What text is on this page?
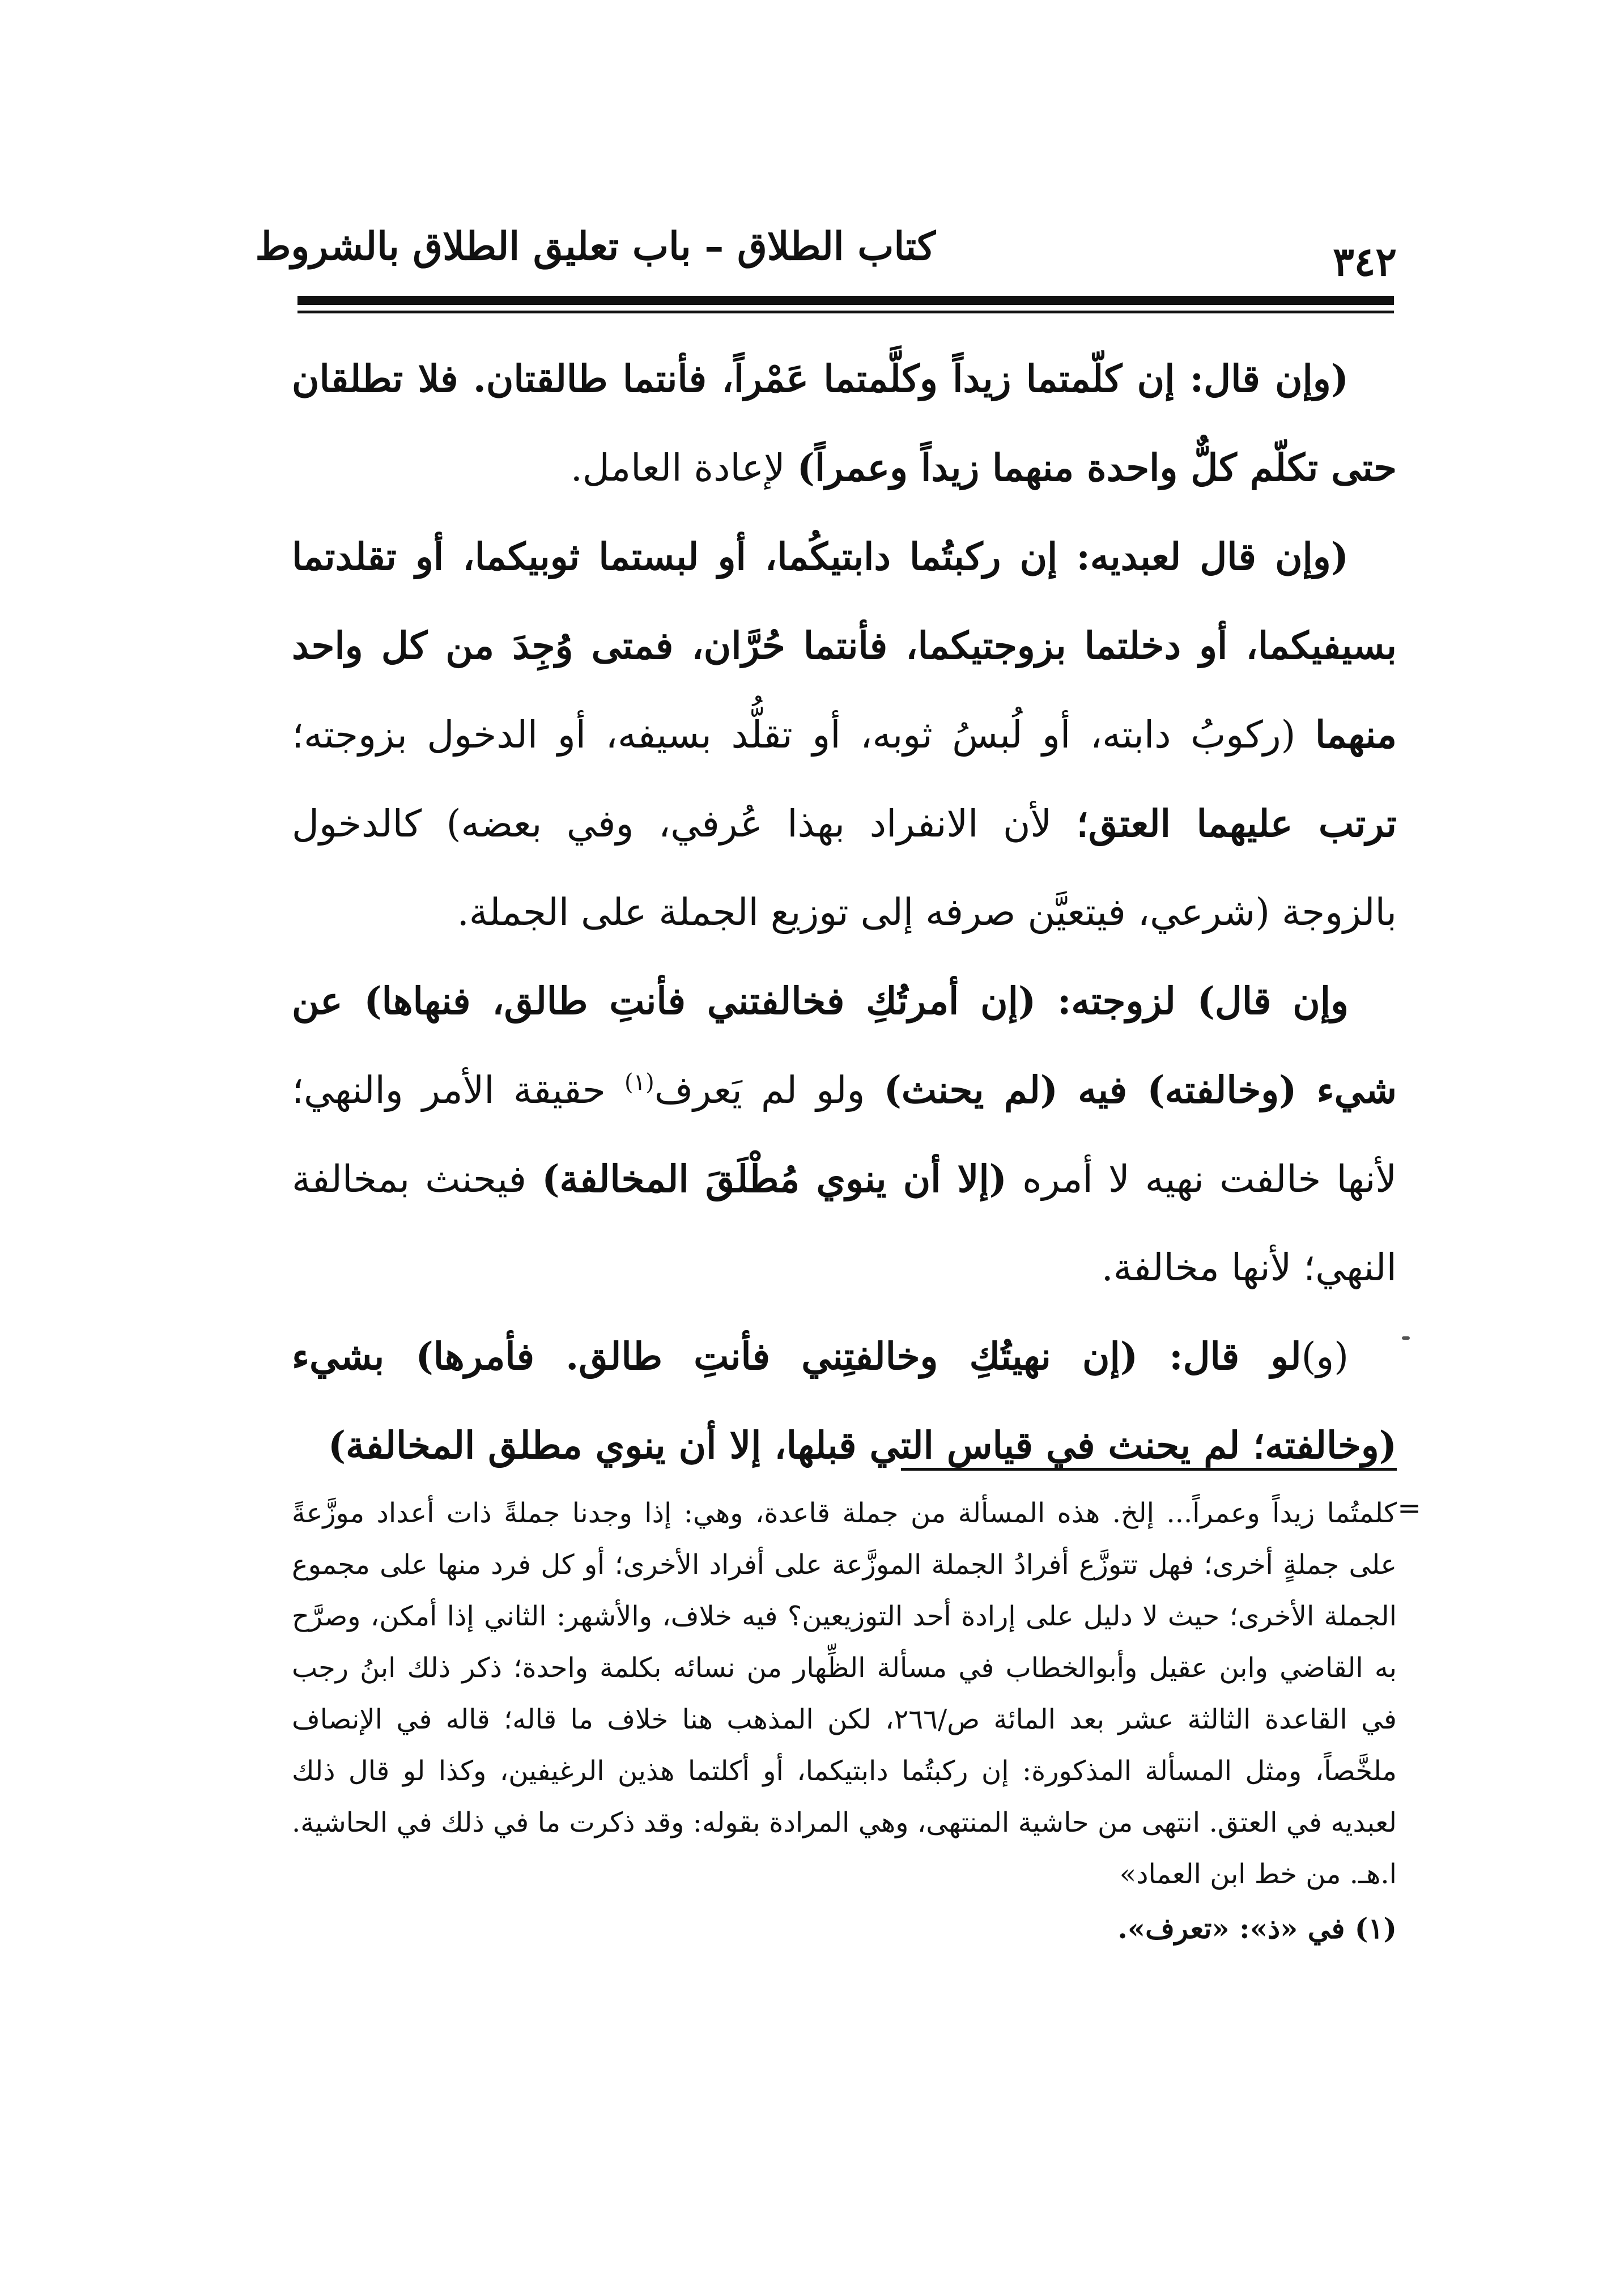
كتاب الطلاق – باب تعليق الطلاق بالشروط	٣٤٢

(وإن قال: إن كلّمتما زيداً وكلَّمتما عَمْراً، فأنتما طالقتان. فلا تطلقان حتى تكلّم كلٌّ واحدة منهما زيداً وعمراً) لإعادة العامل.

(وإن قال لعبديه: إن ركبتُما دابتيكُما، أو لبستما ثوبيكما، أو تقلدتما بسيفيكما، أو دخلتما بزوجتيكما، فأنتما حُرَّان، فمتى وُجِدَ من كل واحد منهما (ركوبُ دابته، أو لُبسُ ثوبه، أو تقلُّد بسيفه، أو الدخول بزوجته؛ ترتب عليهما العتق؛ لأن الانفراد بهذا عُرفي، وفي بعضه) كالدخول بالزوجة (شرعي، فيتعيَّن صرفه إلى توزيع الجملة على الجملة.

وإن قال) لزوجته: (إن أمرتُكِ فخالفتني فأنتِ طالق، فنهاها) عن شيء (وخالفته) فيه (لم يحنث) ولو لم يَعرف$^{(١)}$ حقيقة الأمر والنهي؛ لأنها خالفت نهيه لا أمره (إلا أن ينوي مُطْلَقَ المخالفة) فيحنث بمخالفة النهي؛ لأنها مخالفة.

(و)لو قال: (إن نهيتُكِ وخالفتِني فأنتِ طالق. فأمرها) بشيء (وخالفته؛ لم يحنث في قياس التي قبلها، إلا أن ينوي مطلق المخالفة)

=

كلمتُما زيداً وعمراً... إلخ. هذه المسألة من جملة قاعدة، وهي: إذا وجدنا جملةً ذات أعداد موزَّعةً على جملةٍ أخرى؛ فهل تتوزَّع أفرادُ الجملة الموزَّعة على أفراد الأخرى؛ أو كل فرد منها على مجموع الجملة الأخرى؛ حيث لا دليل على إرادة أحد التوزيعين؟ فيه خلاف، والأشهر: الثاني إذا أمكن، وصرَّح به القاضي وابن عقيل وأبوالخطاب في مسألة الظِّهار من نسائه بكلمة واحدة؛ ذكر ذلك ابنُ رجب في القاعدة الثالثة عشر بعد المائة ص/٢٦٦، لكن المذهب هنا خلاف ما قاله؛ قاله في الإنصاف ملخَّصاً، ومثل المسألة المذكورة: إن ركبتُما دابتيكما، أو أكلتما هذين الرغيفين، وكذا لو قال ذلك لعبديه في العتق. انتهى من حاشية المنتهى، وهي المرادة بقوله: وقد ذكرت ما في ذلك في الحاشية. ا.هـ. من خط ابن العماد»

(١) في «ذ»: «تعرف».
